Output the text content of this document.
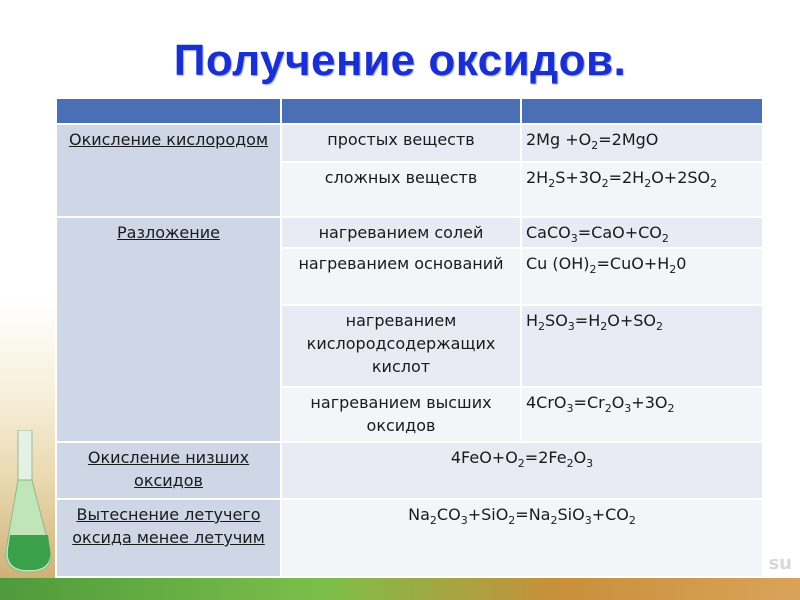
su
Получение оксидов.

Окисление кислородом	простых веществ	$2Mg +O_2=2MgO$
	сложных веществ	$2H_2S+3O_2=2H_2O+2SO_2$
Разложение	нагреванием солей	$CaCO_3=CaO+CO_2$
	нагреванием оснований	Cu $(OH)_2=CuO+H_20$
	нагреванием кислородсодержащих кислот	$H_2SO_3=H_2O+SO_2$
	нагреванием высших оксидов	$4CrO_3=Cr_2O_3+3O_2$
Окисление низших оксидов	$4FeO+O_2=2Fe_2O_3$
Вытеснение летучего оксида менее летучим	$Na_2CO_3+SiO_2=Na_2SiO_3+CO_2$
